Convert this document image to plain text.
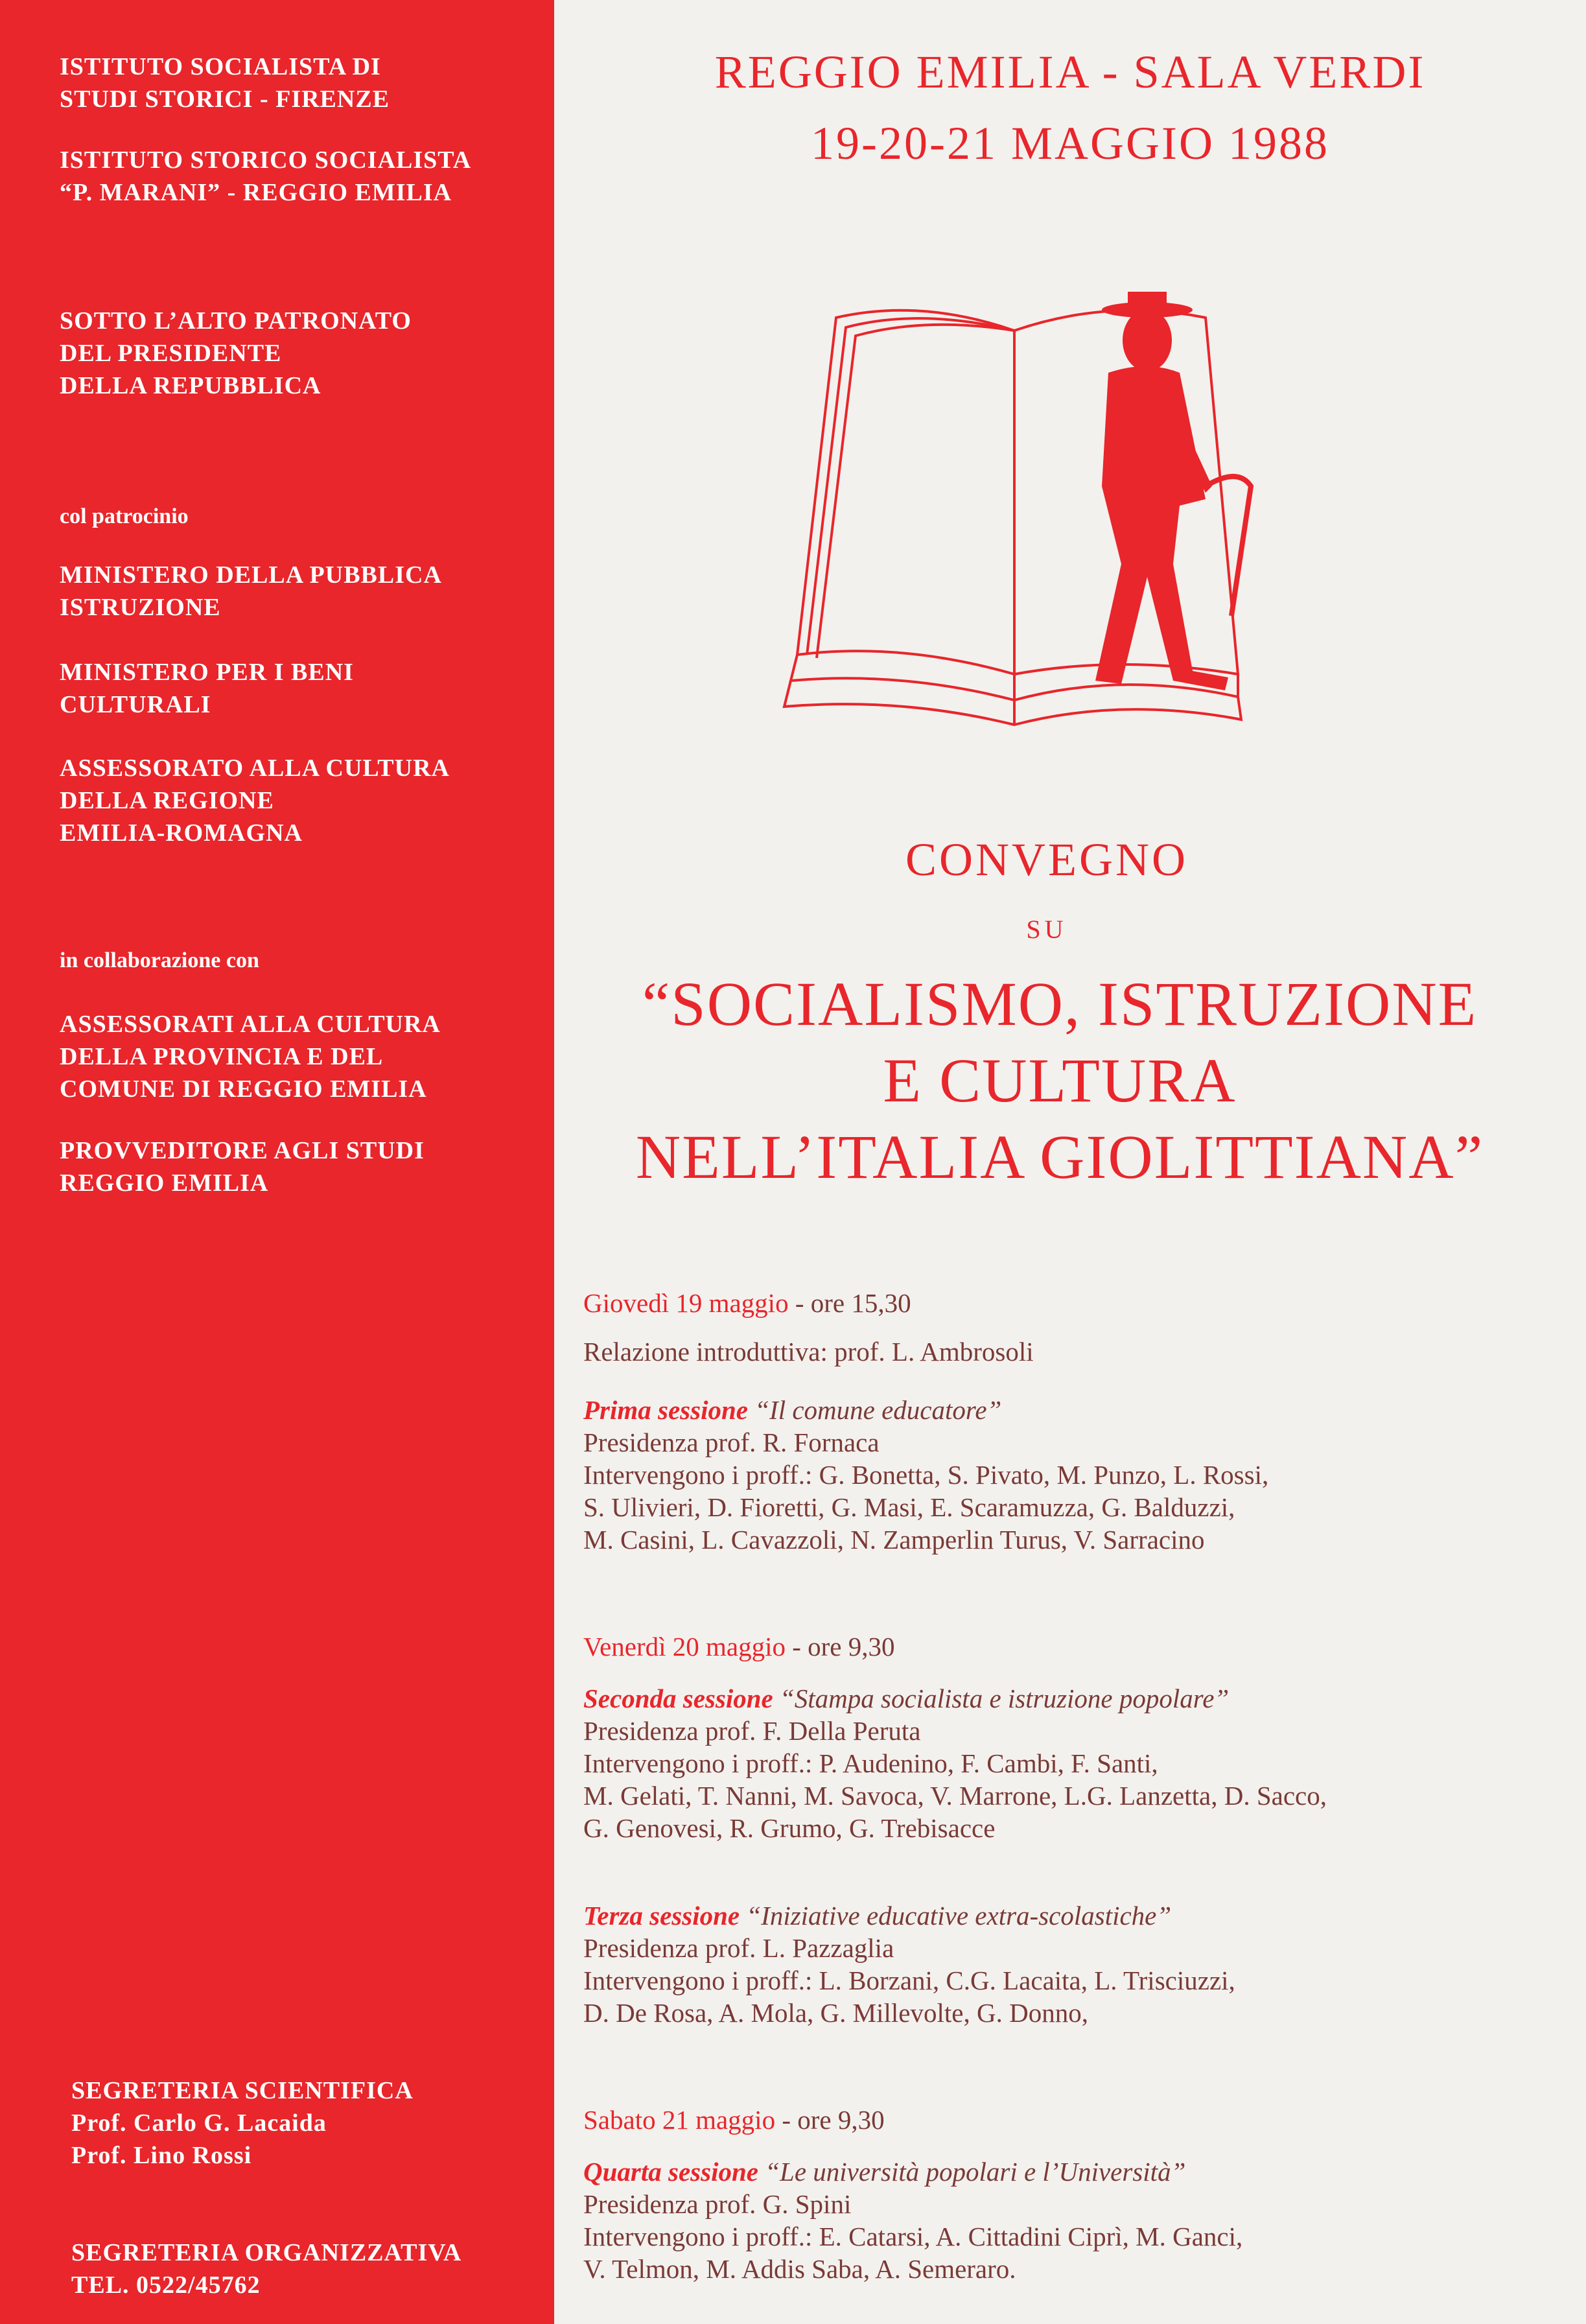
ISTITUTO SOCIALISTA DI
STUDI STORICI - FIRENZE
ISTITUTO STORICO SOCIALISTA
“P. MARANI” - REGGIO EMILIA
SOTTO L’ALTO PATRONATO
DEL PRESIDENTE
DELLA REPUBBLICA
col patrocinio
MINISTERO DELLA PUBBLICA
ISTRUZIONE
MINISTERO PER I BENI
CULTURALI
ASSESSORATO ALLA CULTURA
DELLA REGIONE
EMILIA-ROMAGNA
in collaborazione con
ASSESSORATI ALLA CULTURA
DELLA PROVINCIA E DEL
COMUNE DI REGGIO EMILIA
PROVVEDITORE AGLI STUDI
REGGIO EMILIA
SEGRETERIA SCIENTIFICA
Prof. Carlo G. Lacaida
Prof. Lino Rossi
SEGRETERIA ORGANIZZATIVA
TEL. 0522/45762
REGGIO EMILIA - SALA VERDI
19-20-21 MAGGIO 1988
CONVEGNO
SU
“SOCIALISMO, ISTRUZIONE
E CULTURA
NELL’ITALIA GIOLITTIANA”
Giovedì 19 maggio - ore 15,30
Relazione introduttiva: prof. L. Ambrosoli
Prima sessione “Il comune educatore”
Presidenza prof. R. Fornaca
Intervengono i proff.: G. Bonetta, S. Pivato, M. Punzo, L. Rossi,
S. Ulivieri, D. Fioretti, G. Masi, E. Scaramuzza, G. Balduzzi,
M. Casini, L. Cavazzoli, N. Zamperlin Turus, V. Sarracino
Venerdì 20 maggio - ore 9,30
Seconda sessione “Stampa socialista e istruzione popolare”
Presidenza prof. F. Della Peruta
Intervengono i proff.: P. Audenino, F. Cambi, F. Santi,
M. Gelati, T. Nanni, M. Savoca, V. Marrone, L.G. Lanzetta, D. Sacco,
G. Genovesi, R. Grumo, G. Trebisacce
Terza sessione “Iniziative educative extra-scolastiche”
Presidenza prof. L. Pazzaglia
Intervengono i proff.: L. Borzani, C.G. Lacaita, L. Trisciuzzi,
D. De Rosa, A. Mola, G. Millevolte, G. Donno,
Sabato 21 maggio - ore 9,30
Quarta sessione “Le università popolari e l’Università”
Presidenza prof. G. Spini
Intervengono i proff.: E. Catarsi, A. Cittadini Ciprì, M. Ganci,
V. Telmon, M. Addis Saba, A. Semeraro.
